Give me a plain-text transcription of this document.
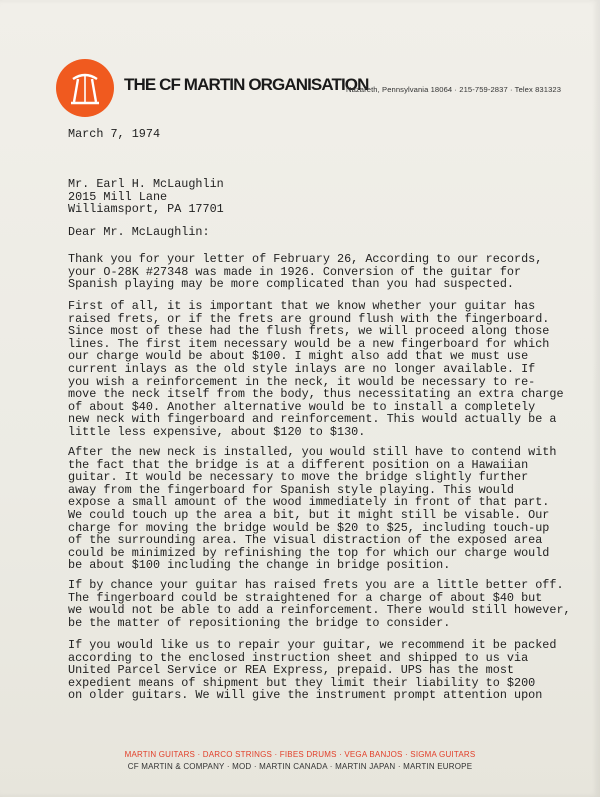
THE CF MARTIN ORGANISATION
Nazareth, Pennsylvania 18064 · 215-759-2837 · Telex 831323
March 7, 1974
Mr. Earl H. McLaughlin
2015 Mill Lane
Williamsport, PA 17701
Dear Mr. McLaughlin:
Thank you for your letter of February 26, According to our records,
your O-28K #27348 was made in 1926. Conversion of the guitar for
Spanish playing may be more complicated than you had suspected.
First of all, it is important that we know whether your guitar has
raised frets, or if the frets are ground flush with the fingerboard.
Since most of these had the flush frets, we will proceed along those
lines. The first item necessary would be a new fingerboard for which
our charge would be about $100. I might also add that we must use
current inlays as the old style inlays are no longer available. If
you wish a reinforcement in the neck, it would be necessary to re-
move the neck itself from the body, thus necessitating an extra charge
of about $40. Another alternative would be to install a completely
new neck with fingerboard and reinforcement. This would actually be a
little less expensive, about $120 to $130.
After the new neck is installed, you would still have to contend with
the fact that the bridge is at a different position on a Hawaiian
guitar. It would be necessary to move the bridge slightly further
away from the fingerboard for Spanish style playing. This would
expose a small amount of the wood immediately in front of that part.
We could touch up the area a bit, but it might still be visable. Our
charge for moving the bridge would be $20 to $25, including touch-up
of the surrounding area. The visual distraction of the exposed area
could be minimized by refinishing the top for which our charge would
be about $100 including the change in bridge position.
If by chance your guitar has raised frets you are a little better off.
The fingerboard could be straightened for a charge of about $40 but
we would not be able to add a reinforcement. There would still however,
be the matter of repositioning the bridge to consider.
If you would like us to repair your guitar, we recommend it be packed
according to the enclosed instruction sheet and shipped to us via
United Parcel Service or REA Express, prepaid. UPS has the most
expedient means of shipment but they limit their liability to $200
on older guitars. We will give the instrument prompt attention upon
MARTIN GUITARS · DARCO STRINGS · FIBES DRUMS · VEGA BANJOS · SIGMA GUITARS
CF MARTIN & COMPANY · MOD · MARTIN CANADA · MARTIN JAPAN · MARTIN EUROPE
